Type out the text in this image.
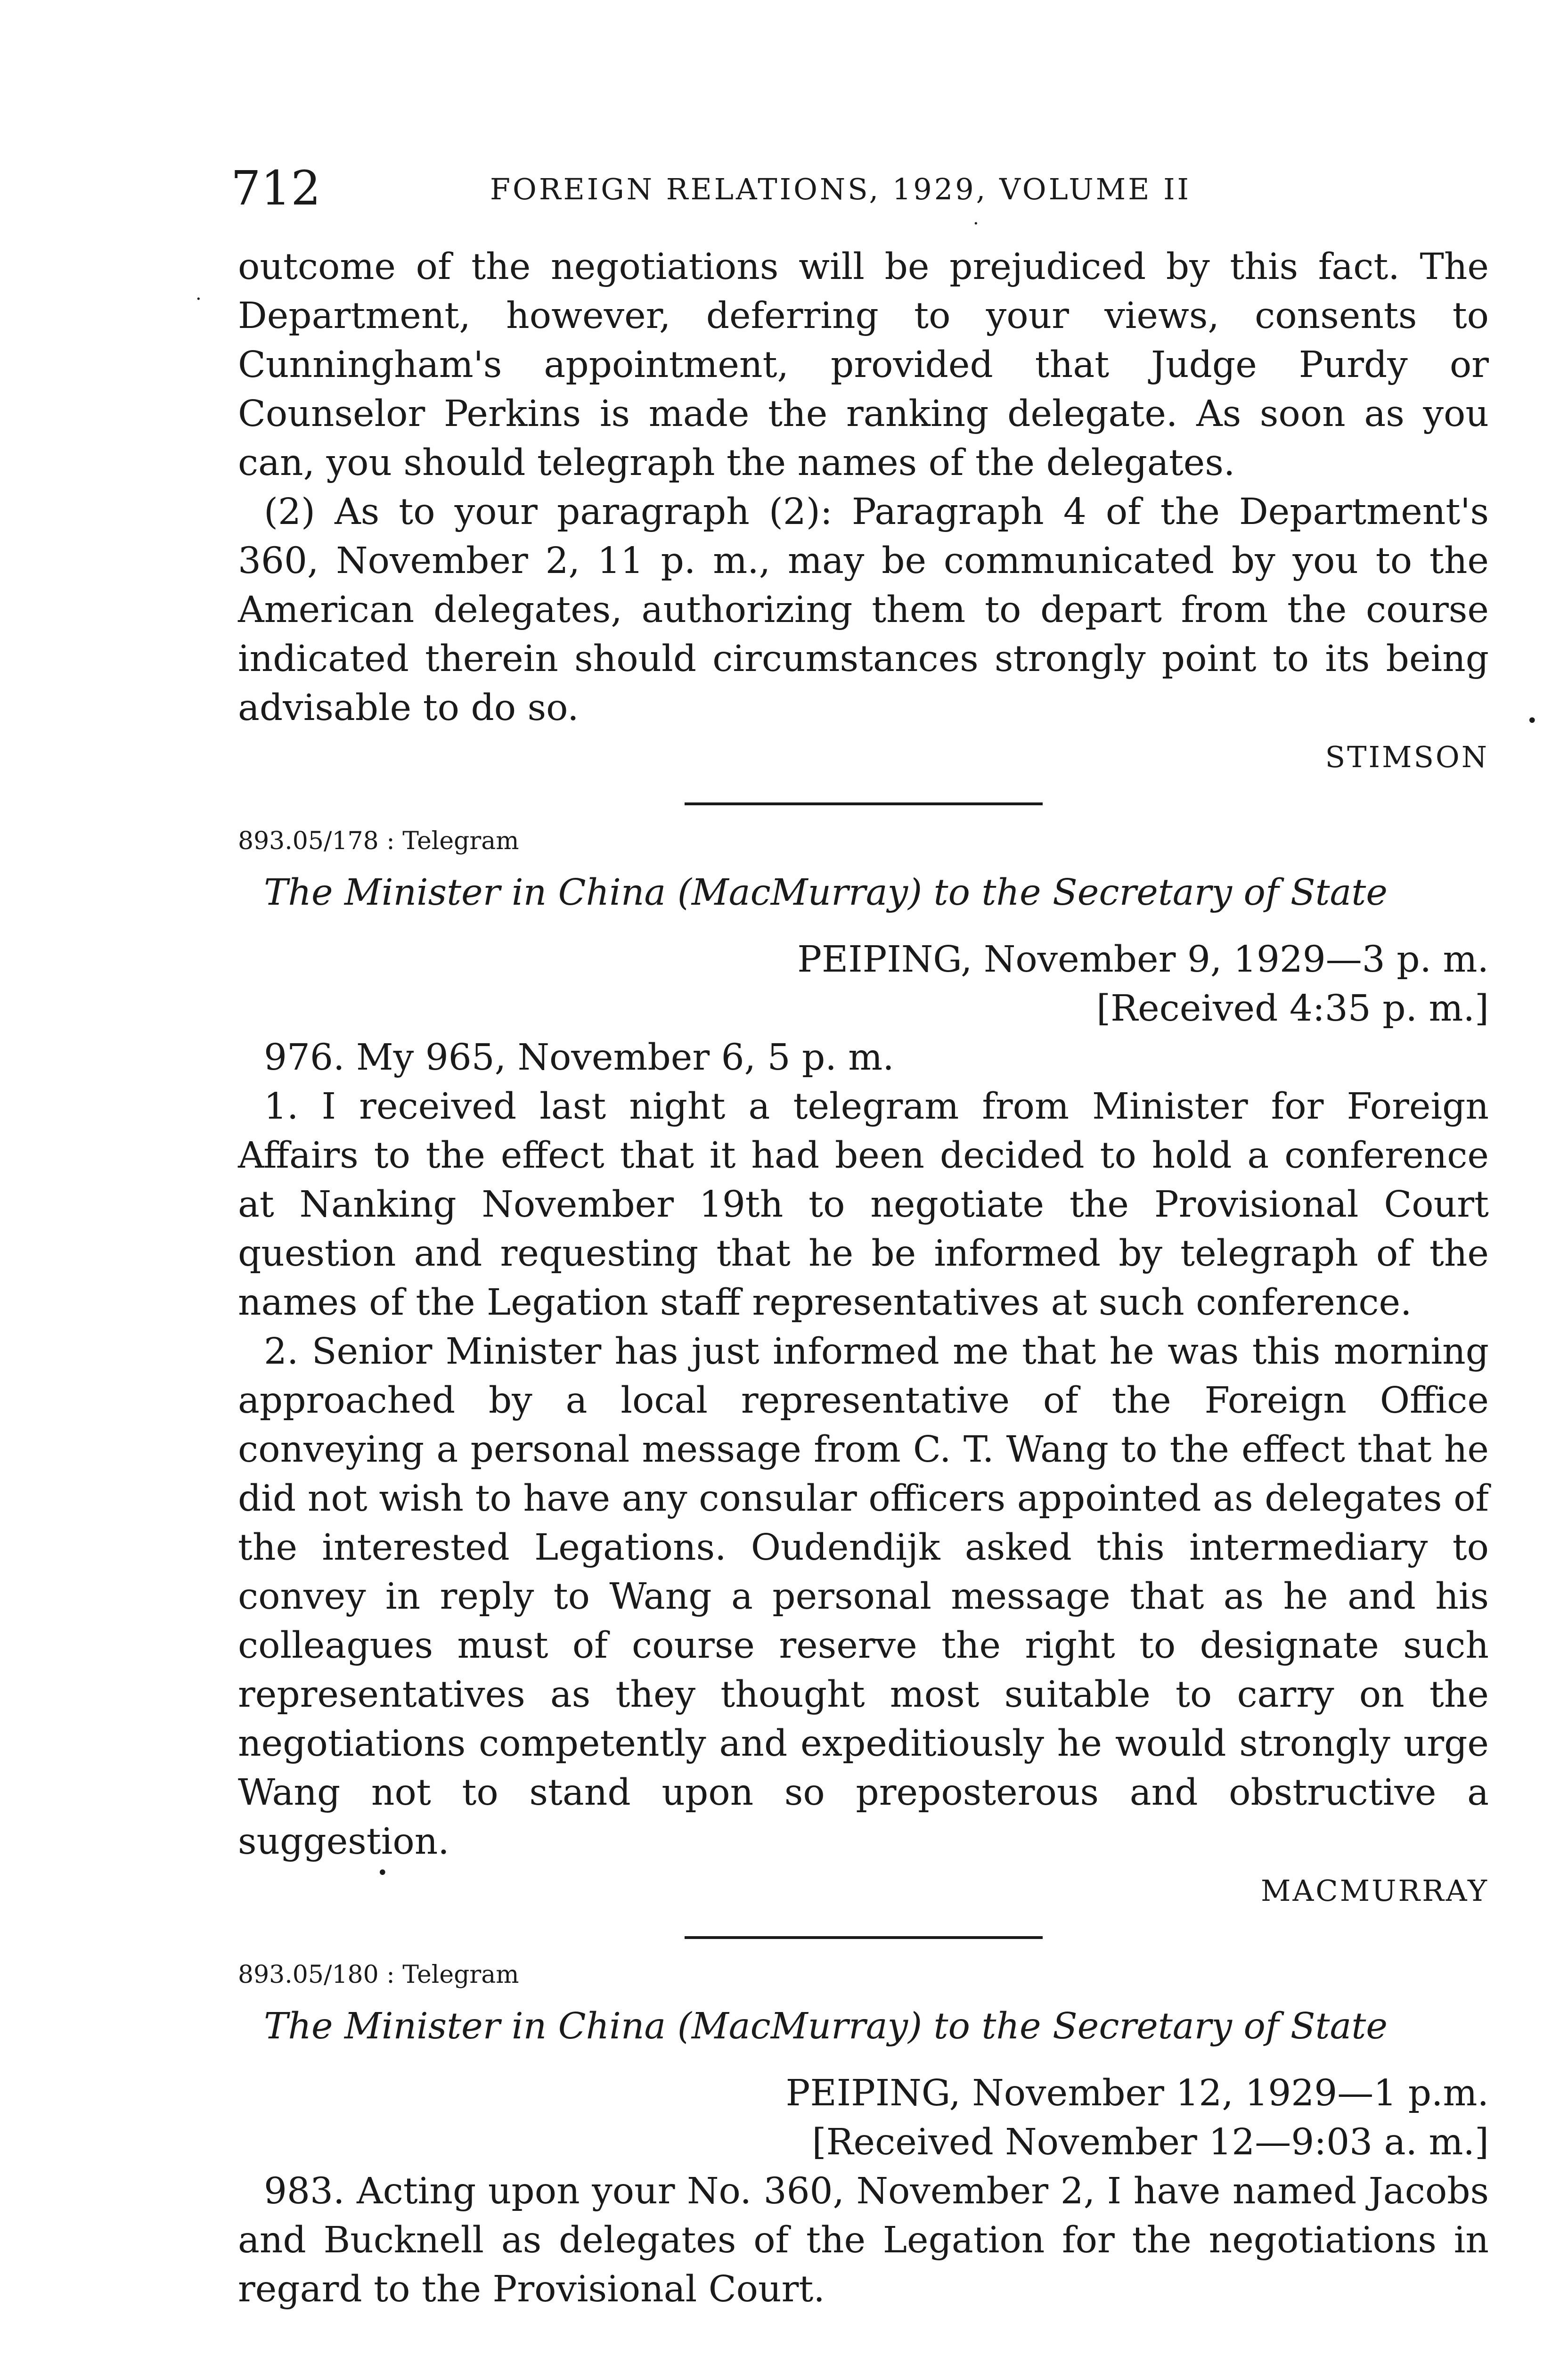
712	FOREIGN RELATIONS, 1929, VOLUME II
·
•
·
•

outcome of the negotiations will be prejudiced by this fact. The Department, however, deferring to your views, consents to Cunningham's appointment, provided that Judge Purdy or Counselor Perkins is made the ranking delegate. As soon as you can, you should telegraph the names of the delegates.

(2) As to your paragraph (2): Paragraph 4 of the Department's 360, November 2, 11 p. m., may be communicated by you to the American delegates, authorizing them to depart from the course indicated therein should circumstances strongly point to its being advisable to do so.

STIMSON

893.05/178 : Telegram
The Minister in China (MacMurray) to the Secretary of State
PEIPING, November 9, 1929—3 p. m.
[Received 4:35 p. m.]

976. My 965, November 6, 5 p. m.

1. I received last night a telegram from Minister for Foreign Affairs to the effect that it had been decided to hold a conference at Nanking November 19th to negotiate the Provisional Court question and requesting that he be informed by telegraph of the names of the Legation staff representatives at such conference.

2. Senior Minister has just informed me that he was this morning approached by a local representative of the Foreign Office conveying a personal message from C. T. Wang to the effect that he did not wish to have any consular officers appointed as delegates of the interested Legations. Oudendijk asked this intermediary to convey in reply to Wang a personal message that as he and his colleagues must of course reserve the right to designate such representatives as they thought most suitable to carry on the negotiations competently and expeditiously he would strongly urge Wang not to stand upon so preposterous and obstructive a suggestion.

MACMURRAY

893.05/180 : Telegram
The Minister in China (MacMurray) to the Secretary of State
PEIPING, November 12, 1929—1 p.m.
[Received November 12—9:03 a. m.]

983. Acting upon your No. 360, November 2, I have named Jacobs and Bucknell as delegates of the Legation for the negotiations in regard to the Provisional Court.
